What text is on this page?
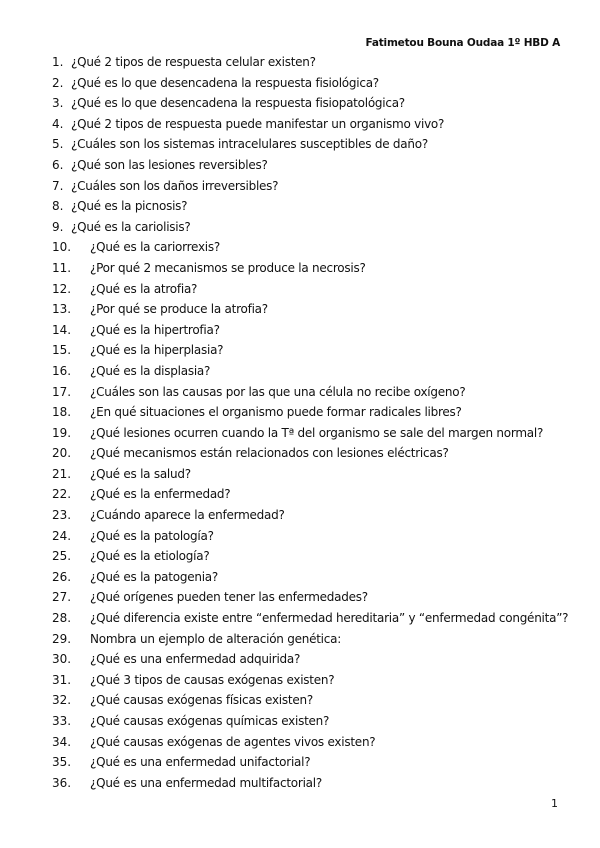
Fatimetou Bouna Oudaa 1º HBD A
1. ¿Qué 2 tipos de respuesta celular existen?
2. ¿Qué es lo que desencadena la respuesta fisiológica?
3. ¿Qué es lo que desencadena la respuesta fisiopatológica?
4. ¿Qué 2 tipos de respuesta puede manifestar un organismo vivo?
5. ¿Cuáles son los sistemas intracelulares susceptibles de daño?
6. ¿Qué son las lesiones reversibles?
7. ¿Cuáles son los daños irreversibles?
8. ¿Qué es la picnosis?
9. ¿Qué es la cariolisis?
10.	¿Qué es la cariorrexis?
11.	¿Por qué 2 mecanismos se produce la necrosis?
12.	¿Qué es la atrofia?
13.	¿Por qué se produce la atrofia?
14.	¿Qué es la hipertrofia?
15.	¿Qué es la hiperplasia?
16.	¿Qué es la displasia?
17.	¿Cuáles son las causas por las que una célula no recibe oxígeno?
18.	¿En qué situaciones el organismo puede formar radicales libres?
19.	¿Qué lesiones ocurren cuando la Tª del organismo se sale del margen normal?
20.	¿Qué mecanismos están relacionados con lesiones eléctricas?
21.	¿Qué es la salud?
22.	¿Qué es la enfermedad?
23.	¿Cuándo aparece la enfermedad?
24.	¿Qué es la patología?
25.	¿Qué es la etiología?
26.	¿Qué es la patogenia?
27.	¿Qué orígenes pueden tener las enfermedades?
28.	¿Qué diferencia existe entre “enfermedad hereditaria” y “enfermedad congénita”?
29.	Nombra un ejemplo de alteración genética:
30.	¿Qué es una enfermedad adquirida?
31.	¿Qué 3 tipos de causas exógenas existen?
32.	¿Qué causas exógenas físicas existen?
33.	¿Qué causas exógenas químicas existen?
34.	¿Qué causas exógenas de agentes vivos existen?
35.	¿Qué es una enfermedad unifactorial?
36.	¿Qué es una enfermedad multifactorial?
1
